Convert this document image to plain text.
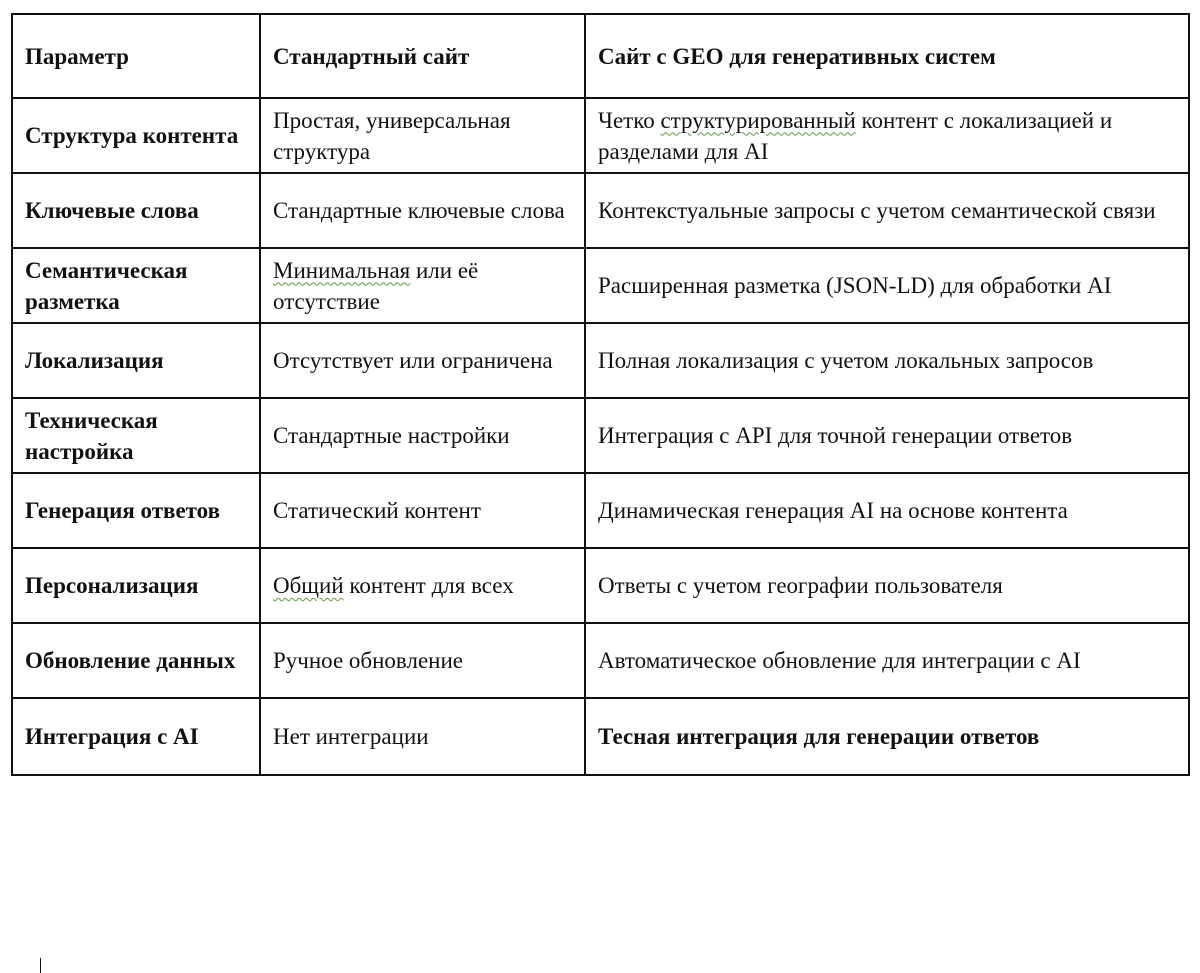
Параметр	Стандартный сайт	Сайт с GEO для генеративных систем
Структура контента	Простая, универсальная структура	Четко структурированный контент с локализацией и разделами для AI
Ключевые слова	Стандартные ключевые слова	Контекстуальные запросы с учетом семантической связи
Семантическая разметка	Минимальная или её отсутствие	Расширенная разметка (JSON-LD) для обработки AI
Локализация	Отсутствует или ограничена	Полная локализация с учетом локальных запросов
Техническая настройка	Стандартные настройки	Интеграция с API для точной генерации ответов
Генерация ответов	Статический контент	Динамическая генерация AI на основе контента
Персонализация	Общий контент для всех	Ответы с учетом географии пользователя
Обновление данных	Ручное обновление	Автоматическое обновление для интеграции с AI
Интеграция с AI	Нет интеграции	Тесная интеграция для генерации ответов
